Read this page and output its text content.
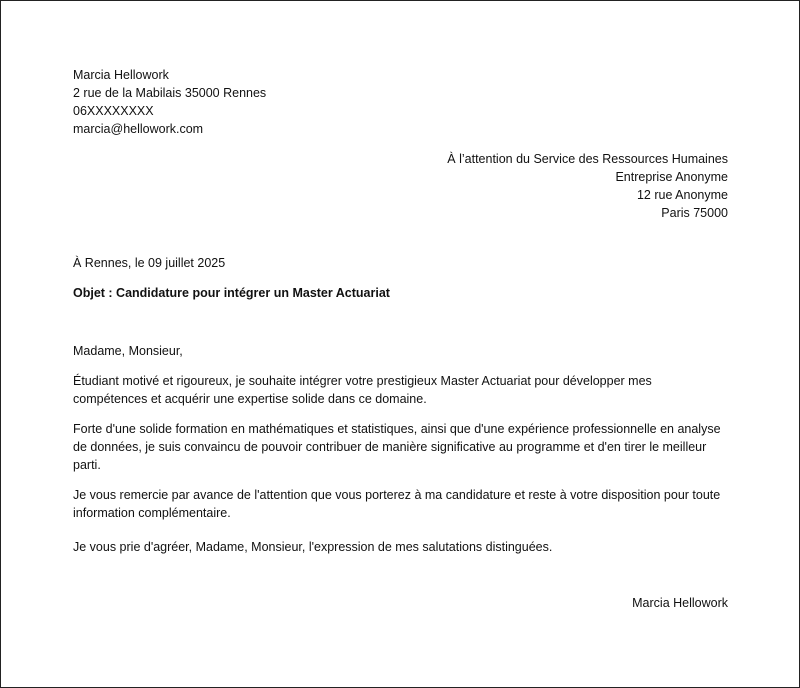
Marcia Hellowork
2 rue de la Mabilais 35000 Rennes
06XXXXXXXX
marcia@hellowork.com
À l’attention du Service des Ressources Humaines
Entreprise Anonyme
12 rue Anonyme
Paris 75000
À Rennes, le 09 juillet 2025
Objet : Candidature pour intégrer un Master Actuariat
Madame, Monsieur,

Étudiant motivé et rigoureux, je souhaite intégrer votre prestigieux Master Actuariat pour développer mes compétences et acquérir une expertise solide dans ce domaine.

Forte d'une solide formation en mathématiques et statistiques, ainsi que d'une expérience professionnelle en analyse de données, je suis convaincu de pouvoir contribuer de manière significative au programme et d'en tirer le meilleur parti.

Je vous remercie par avance de l'attention que vous porterez à ma candidature et reste à votre disposition pour toute information complémentaire.

Je vous prie d'agréer, Madame, Monsieur, l'expression de mes salutations distinguées.
Marcia Hellowork
